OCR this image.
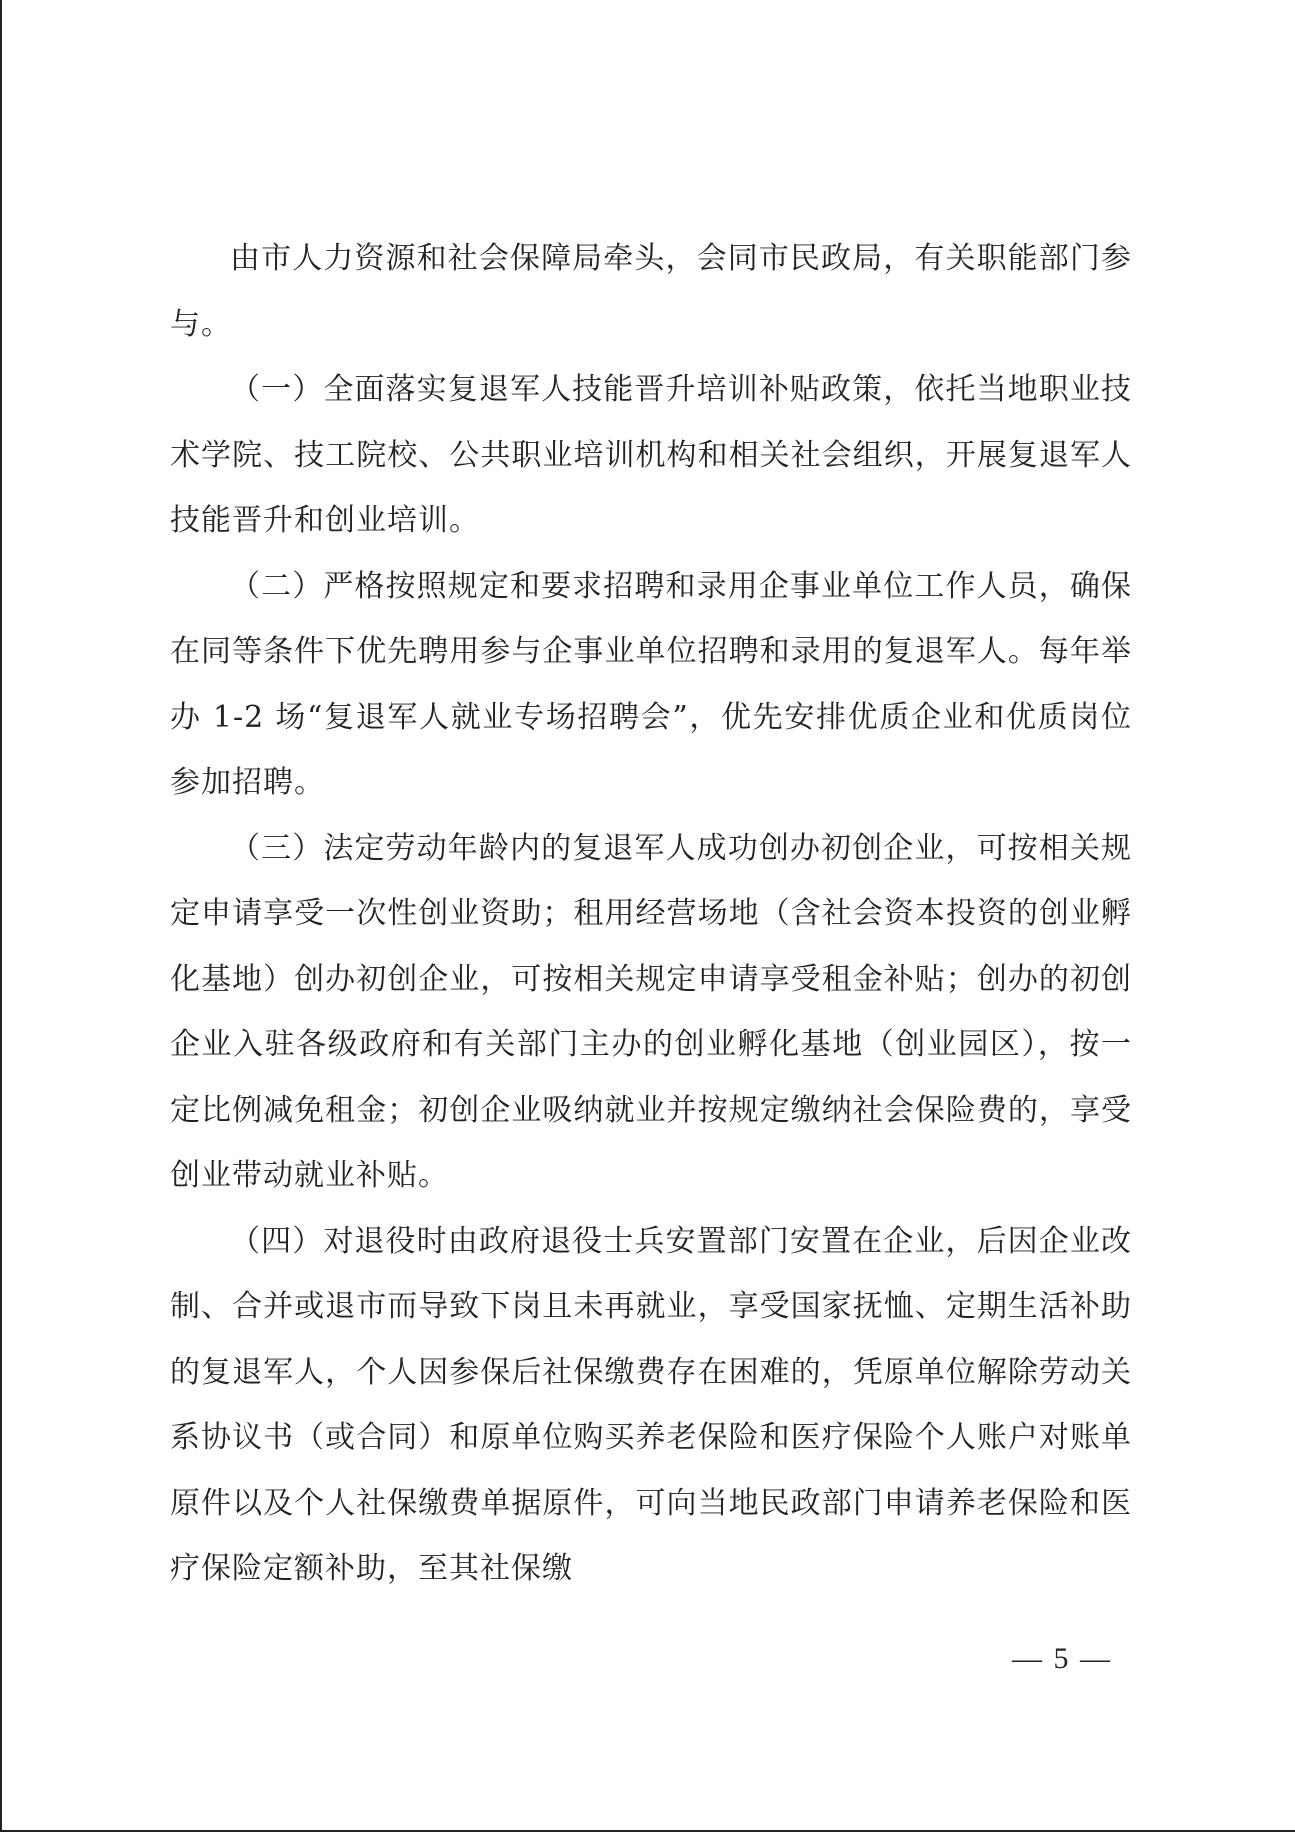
由市人力资源和社会保障局牵头，会同市民政局，有关职能部门参与。

（一）全面落实复退军人技能晋升培训补贴政策，依托当地职业技术学院、技工院校、公共职业培训机构和相关社会组织，开展复退军人技能晋升和创业培训。

（二）严格按照规定和要求招聘和录用企事业单位工作人员，确保在同等条件下优先聘用参与企事业单位招聘和录用的复退军人。每年举办 1-2 场“复退军人就业专场招聘会”，优先安排优质企业和优质岗位参加招聘。

（三）法定劳动年龄内的复退军人成功创办初创企业，可按相关规定申请享受一次性创业资助；租用经营场地（含社会资本投资的创业孵化基地）创办初创企业，可按相关规定申请享受租金补贴；创办的初创企业入驻各级政府和有关部门主办的创业孵化基地（创业园区），按一定比例减免租金；初创企业吸纳就业并按规定缴纳社会保险费的，享受创业带动就业补贴。

（四）对退役时由政府退役士兵安置部门安置在企业，后因企业改制、合并或退市而导致下岗且未再就业，享受国家抚恤、定期生活补助的复退军人，个人因参保后社保缴费存在困难的，凭原单位解除劳动关系协议书（或合同）和原单位购买养老保险和医疗保险个人账户对账单原件以及个人社保缴费单据原件，可向当地民政部门申请养老保险和医疗保险定额补助，至其社保缴

— 5 —
